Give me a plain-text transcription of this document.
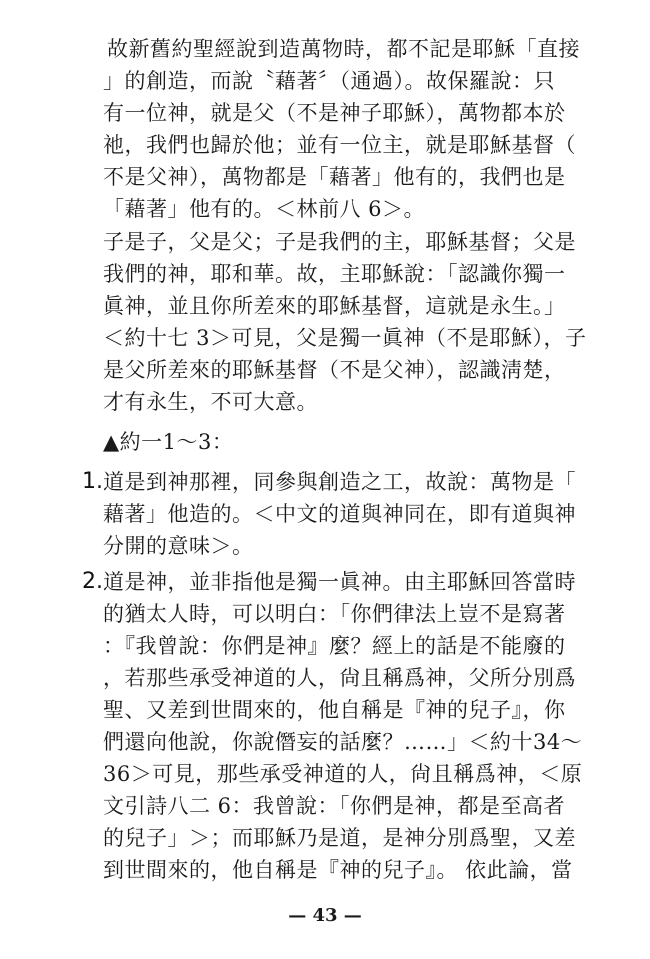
故新舊約聖經說到造萬物時，都不記是耶穌「直接
」的創造，而說〝藉著〞（通過）。故保羅說：只
有一位神，就是父（不是神子耶穌），萬物都本於
祂，我們也歸於他；並有一位主，就是耶穌基督（
不是父神），萬物都是「藉著」他有的，我們也是
「藉著」他有的。＜林前八 6＞。
子是子，父是父；子是我們的主，耶穌基督；父是
我們的神，耶和華。故，主耶穌說：「認識你獨一
眞神，並且你所差來的耶穌基督，這就是永生。」
＜約十七 3＞可見，父是獨一眞神（不是耶穌），子
是父所差來的耶穌基督（不是父神），認識淸楚，
才有永生，不可大意。
▲約一1～3：
1. 道是到神那裡，同參與創造之工，故說：萬物是「
藉著」他造的。＜中文的道與神同在，即有道與神
分開的意味＞。
2. 道是神，並非指他是獨一眞神。由主耶穌回答當時
的猶太人時，可以明白：「你們律法上豈不是寫著
：『我曾說：你們是神』麼？經上的話是不能廢的
，若那些承受神道的人，尙且稱爲神，父所分別爲
聖、又差到世間來的，他自稱是『神的兒子』，你
們還向他說，你說僭妄的話麼？……」＜約十34～
36＞可見，那些承受神道的人，尙且稱爲神，＜原
文引詩八二 6：我曾說：「你們是神，都是至高者
的兒子」＞；而耶穌乃是道，是神分別爲聖，又差
到世間來的，他自稱是『神的兒子』。 依此論，當
— 43 —
